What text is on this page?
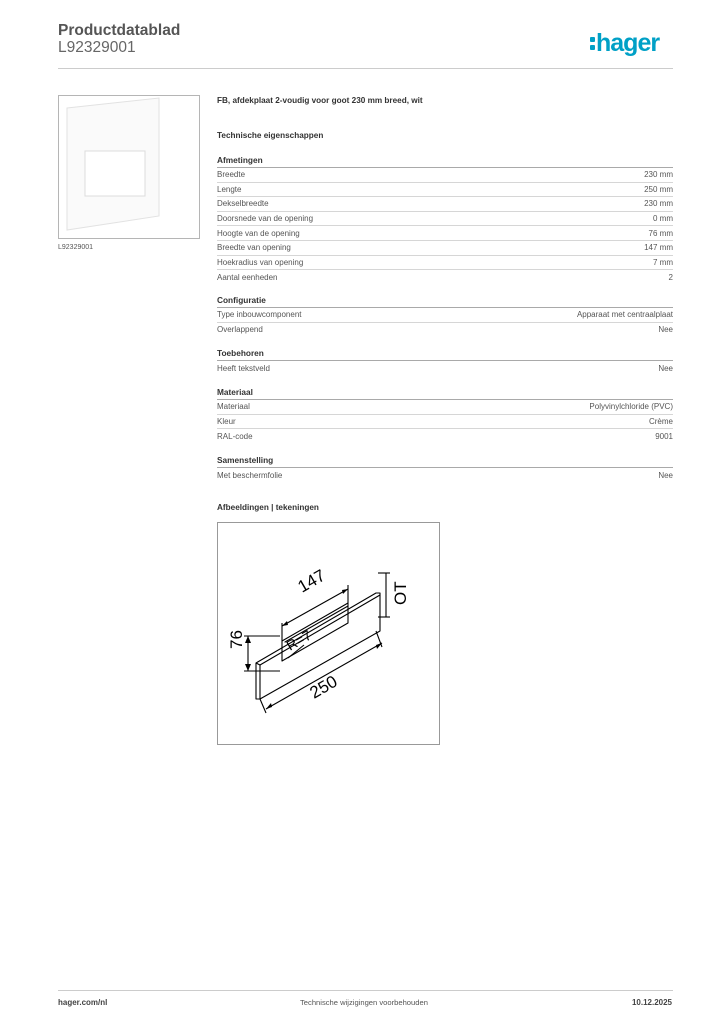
Productdatablad
L92329001	hager
L92329001
FB, afdekplaat 2-voudig voor goot 230 mm breed, wit
Technische eigenschappen
Afmetingen
Breedte	230 mm
Lengte	250 mm
Dekselbreedte	230 mm
Doorsnede van de opening	0 mm
Hoogte van de opening	76 mm
Breedte van opening	147 mm
Hoekradius van opening	7 mm
Aantal eenheden	2
Configuratie
Type inbouwcomponent	Apparaat met centraalplaat
Overlappend	Nee
Toebehoren
Heeft tekstveld	Nee
Materiaal
Materiaal	Polyvinylchloride (PVC)
Kleur	Crème
RAL-code	9001
Samenstelling
Met beschermfolie	Nee
Afbeeldingen | tekeningen
147
76	R=7
250
OT
hager.com/nl	Technische wijzigingen voorbehouden	10.12.2025
